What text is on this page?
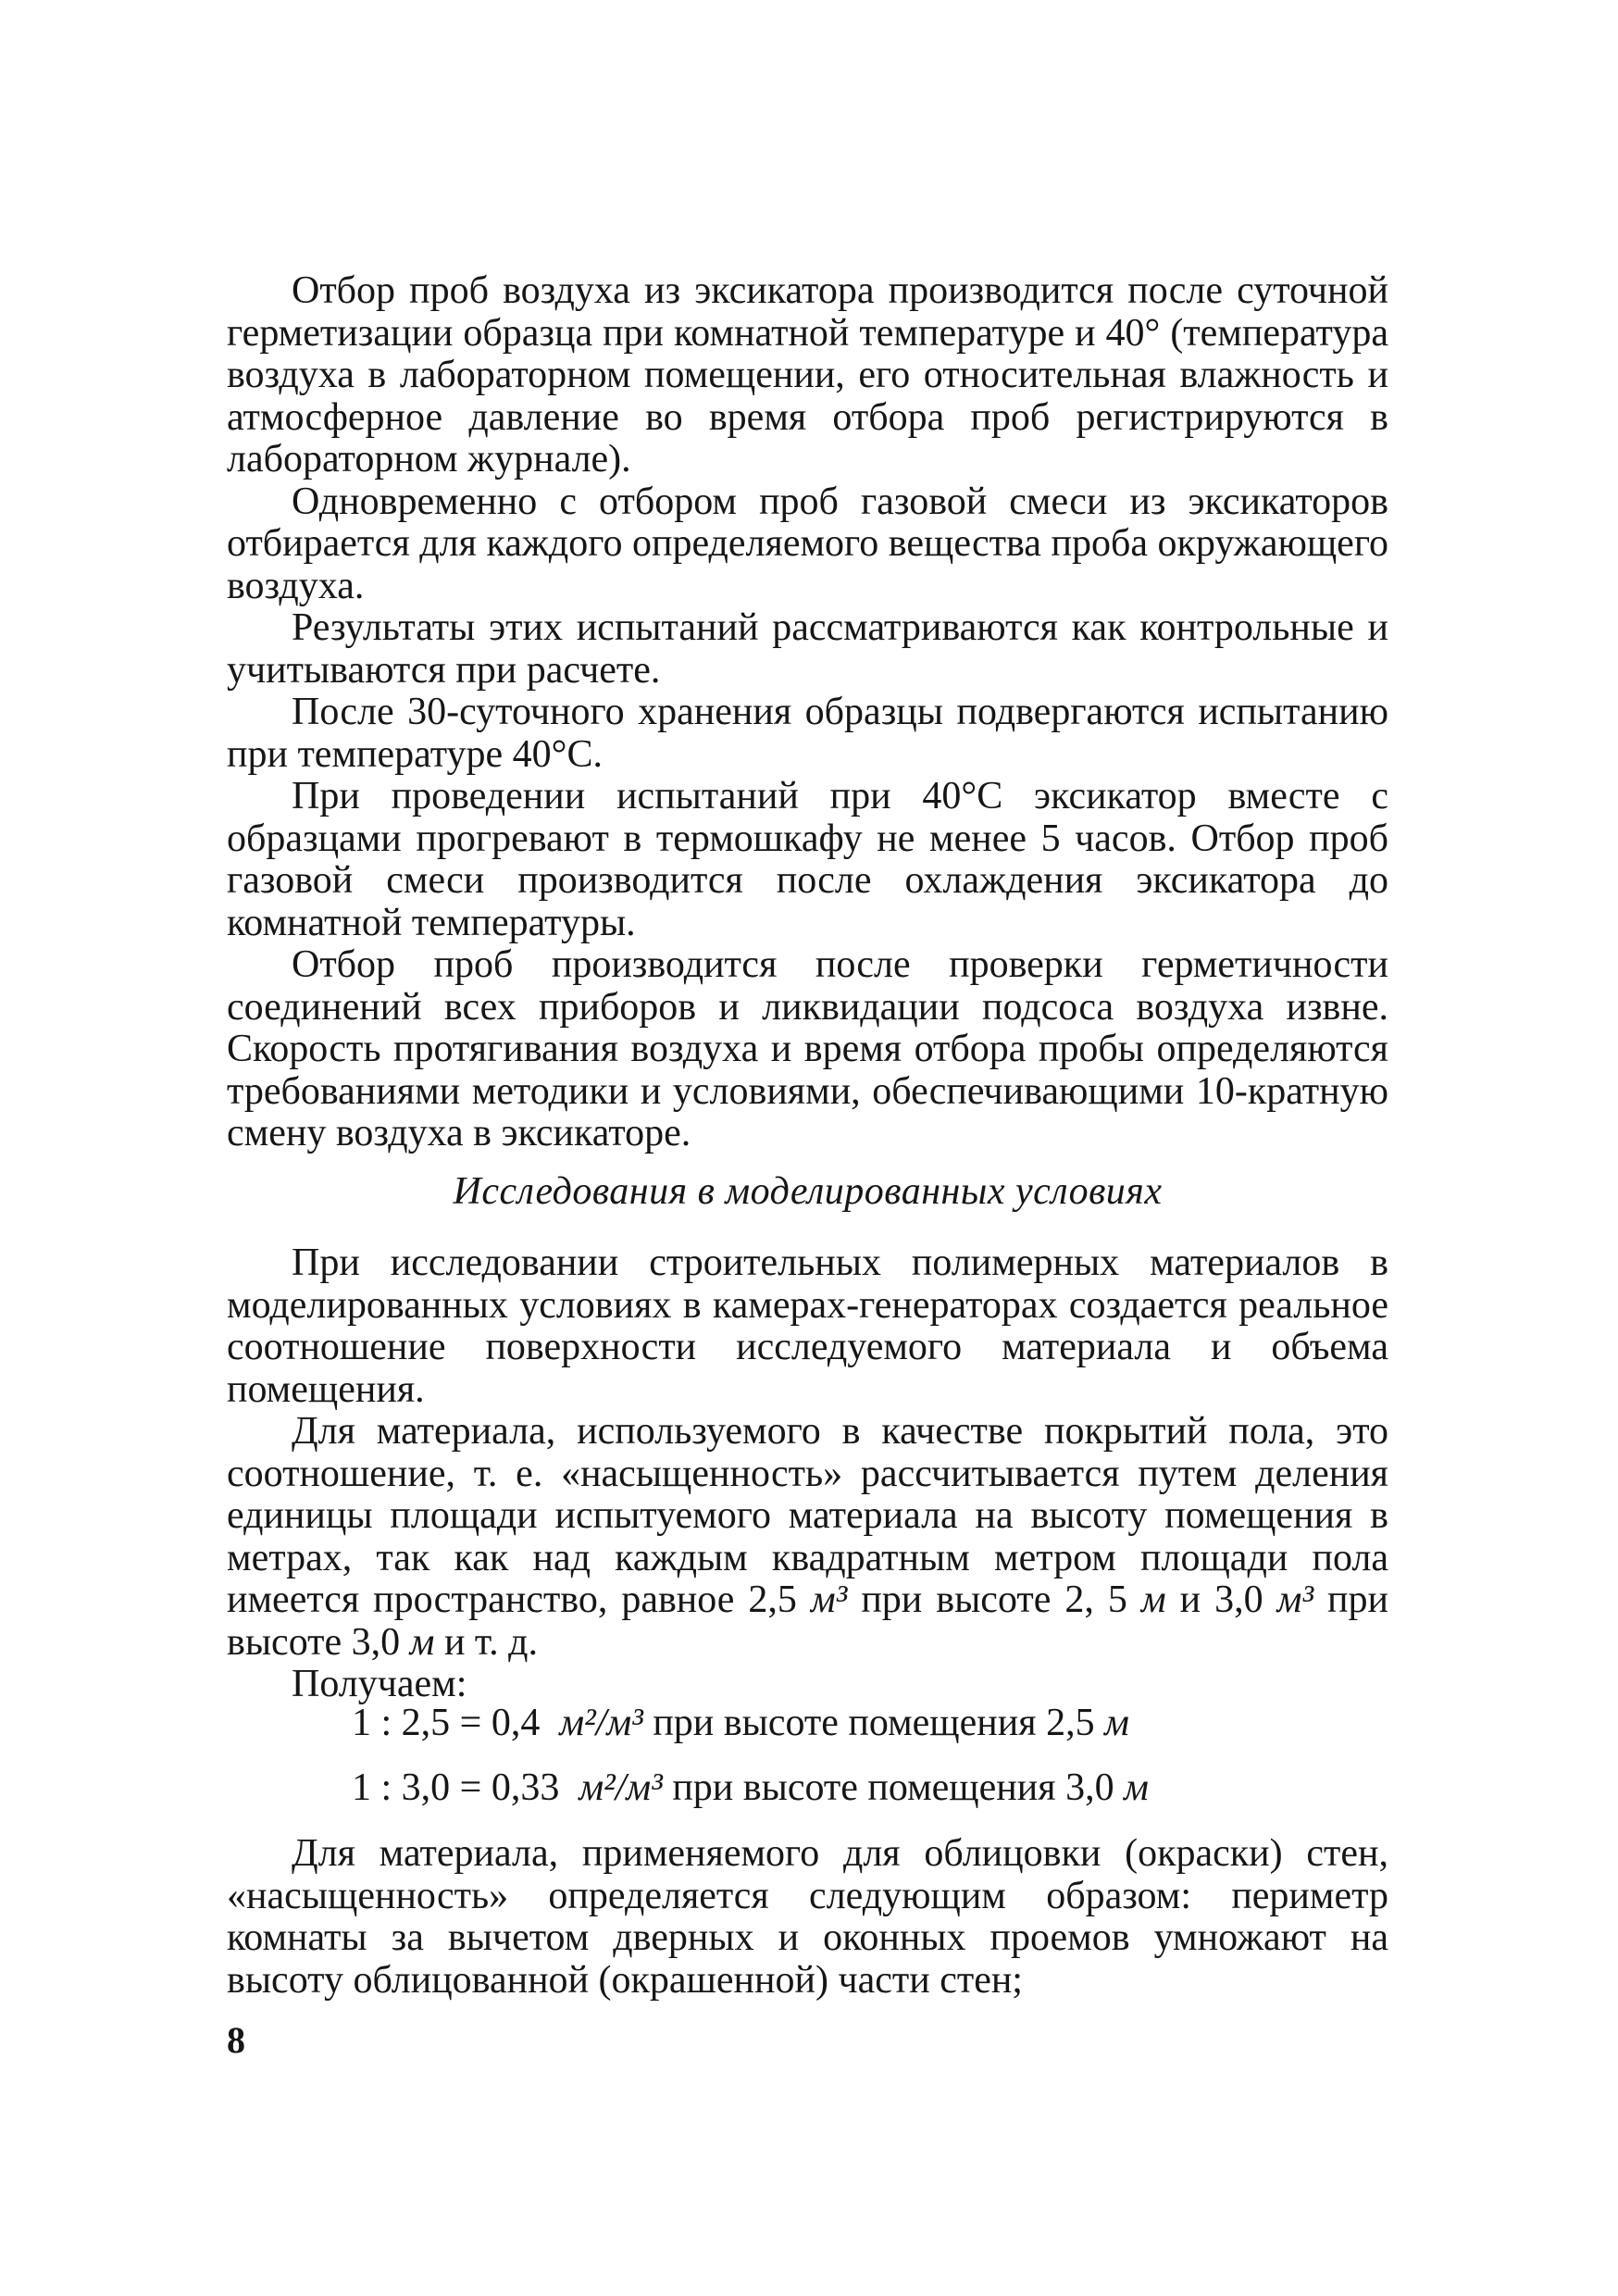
Отбор проб воздуха из эксикатора производится после суточной герметизации образца при комнатной температуре и 40° (температура воздуха в лабораторном помещении, его относительная влажность и атмосферное давление во время отбора проб регистрируются в лабораторном журнале).

Одновременно с отбором проб газовой смеси из эксикаторов отбирается для каждого определяемого вещества проба окружающего воздуха.

Результаты этих испытаний рассматриваются как контрольные и учитываются при расчете.

После 30-суточного хранения образцы подвергаются испытанию при температуре 40°С.

При проведении испытаний при 40°С эксикатор вместе с образцами прогревают в термошкафу не менее 5 часов. Отбор проб газовой смеси производится после охлаждения эксикатора до комнатной температуры.

Отбор проб производится после проверки герметичности соединений всех приборов и ликвидации подсоса воздуха извне. Скорость протягивания воздуха и время отбора пробы определяются требованиями методики и условиями, обеспечивающими 10-кратную смену воздуха в эксикаторе.

Исследования в моделированных условиях

При исследовании строительных полимерных материалов в моделированных условиях в камерах-генераторах создается реальное соотношение поверхности исследуемого материала и объема помещения.

Для материала, используемого в качестве покрытий пола, это соотношение, т. е. «насыщенность» рассчитывается путем деления единицы площади испытуемого материала на высоту помещения в метрах, так как над каждым квадратным метром площади пола имеется пространство, равное 2,5 м³ при высоте 2, 5 м и 3,0 м³ при высоте 3,0 м и т. д.

Получаем:

1 : 2,5 = 0,4 м²/м³ при высоте помещения 2,5 м
1 : 3,0 = 0,33 м²/м³ при высоте помещения 3,0 м

Для материала, применяемого для облицовки (окраски) стен, «насыщенность» определяется следующим образом: периметр комнаты за вычетом дверных и оконных проемов умножают на высоту облицованной (окрашенной) части стен;

8
